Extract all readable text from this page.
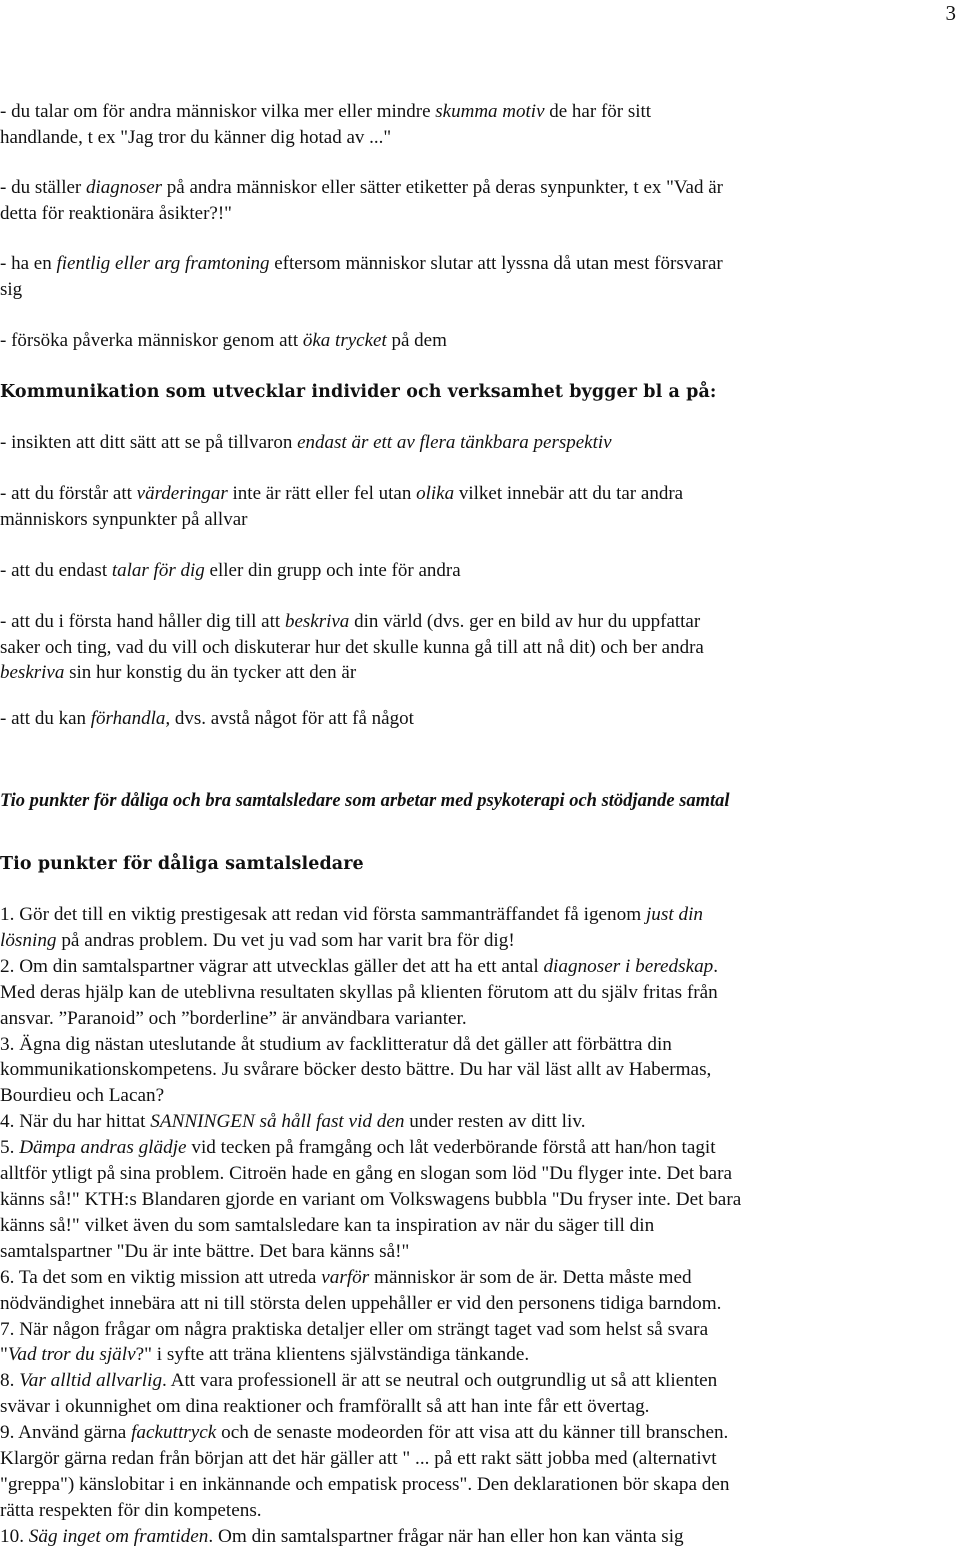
3
- du talar om för andra människor vilka mer eller mindre skumma motiv de har för sitt
handlande, t ex "Jag tror du känner dig hotad av ..."
- du ställer diagnoser på andra människor eller sätter etiketter på deras synpunkter, t ex "Vad är
detta för reaktionära åsikter?!"
- ha en fientlig eller arg framtoning eftersom människor slutar att lyssna då utan mest försvarar
sig
- försöka påverka människor genom att öka trycket på dem
Kommunikation som utvecklar individer och verksamhet bygger bl a på:
- insikten att ditt sätt att se på tillvaron endast är ett av flera tänkbara perspektiv
- att du förstår att värderingar inte är rätt eller fel utan olika vilket innebär att du tar andra
människors synpunkter på allvar
- att du endast talar för dig eller din grupp och inte för andra
- att du i första hand håller dig till att beskriva din värld (dvs. ger en bild av hur du uppfattar
saker och ting, vad du vill och diskuterar hur det skulle kunna gå till att nå dit) och ber andra
beskriva sin hur konstig du än tycker att den är
- att du kan förhandla, dvs. avstå något för att få något
Tio punkter för dåliga och bra samtalsledare som arbetar med psykoterapi och stödjande samtal
Tio punkter för dåliga samtalsledare
1. Gör det till en viktig prestigesak att redan vid första sammanträffandet få igenom just din
lösning på andras problem. Du vet ju vad som har varit bra för dig!
2. Om din samtalspartner vägrar att utvecklas gäller det att ha ett antal diagnoser i beredskap.
Med deras hjälp kan de uteblivna resultaten skyllas på klienten förutom att du själv fritas från
ansvar. ”Paranoid” och ”borderline” är användbara varianter.
3. Ägna dig nästan uteslutande åt studium av facklitteratur då det gäller att förbättra din
kommunikationskompetens. Ju svårare böcker desto bättre. Du har väl läst allt av Habermas,
Bourdieu och Lacan?
4. När du har hittat SANNINGEN så håll fast vid den under resten av ditt liv.
5. Dämpa andras glädje vid tecken på framgång och låt vederbörande förstå att han/hon tagit
alltför ytligt på sina problem. Citroën hade en gång en slogan som löd "Du flyger inte. Det bara
känns så!" KTH:s Blandaren gjorde en variant om Volkswagens bubbla "Du fryser inte. Det bara
känns så!" vilket även du som samtalsledare kan ta inspiration av när du säger till din
samtalspartner "Du är inte bättre. Det bara känns så!"
6. Ta det som en viktig mission att utreda varför människor är som de är. Detta måste med
nödvändighet innebära att ni till största delen uppehåller er vid den personens tidiga barndom.
7. När någon frågar om några praktiska detaljer eller om strängt taget vad som helst så svara
"Vad tror du själv?" i syfte att träna klientens självständiga tänkande.
8. Var alltid allvarlig. Att vara professionell är att se neutral och outgrundlig ut så att klienten
svävar i okunnighet om dina reaktioner och framförallt så att han inte får ett övertag.
9. Använd gärna fackuttryck och de senaste modeorden för att visa att du känner till branschen.
Klargör gärna redan från början att det här gäller att " ... på ett rakt sätt jobba med (alternativt
"greppa") känslobitar i en inkännande och empatisk process". Den deklarationen bör skapa den
rätta respekten för din kompetens.
10. Säg inget om framtiden. Om din samtalspartner frågar när han eller hon kan vänta sig
